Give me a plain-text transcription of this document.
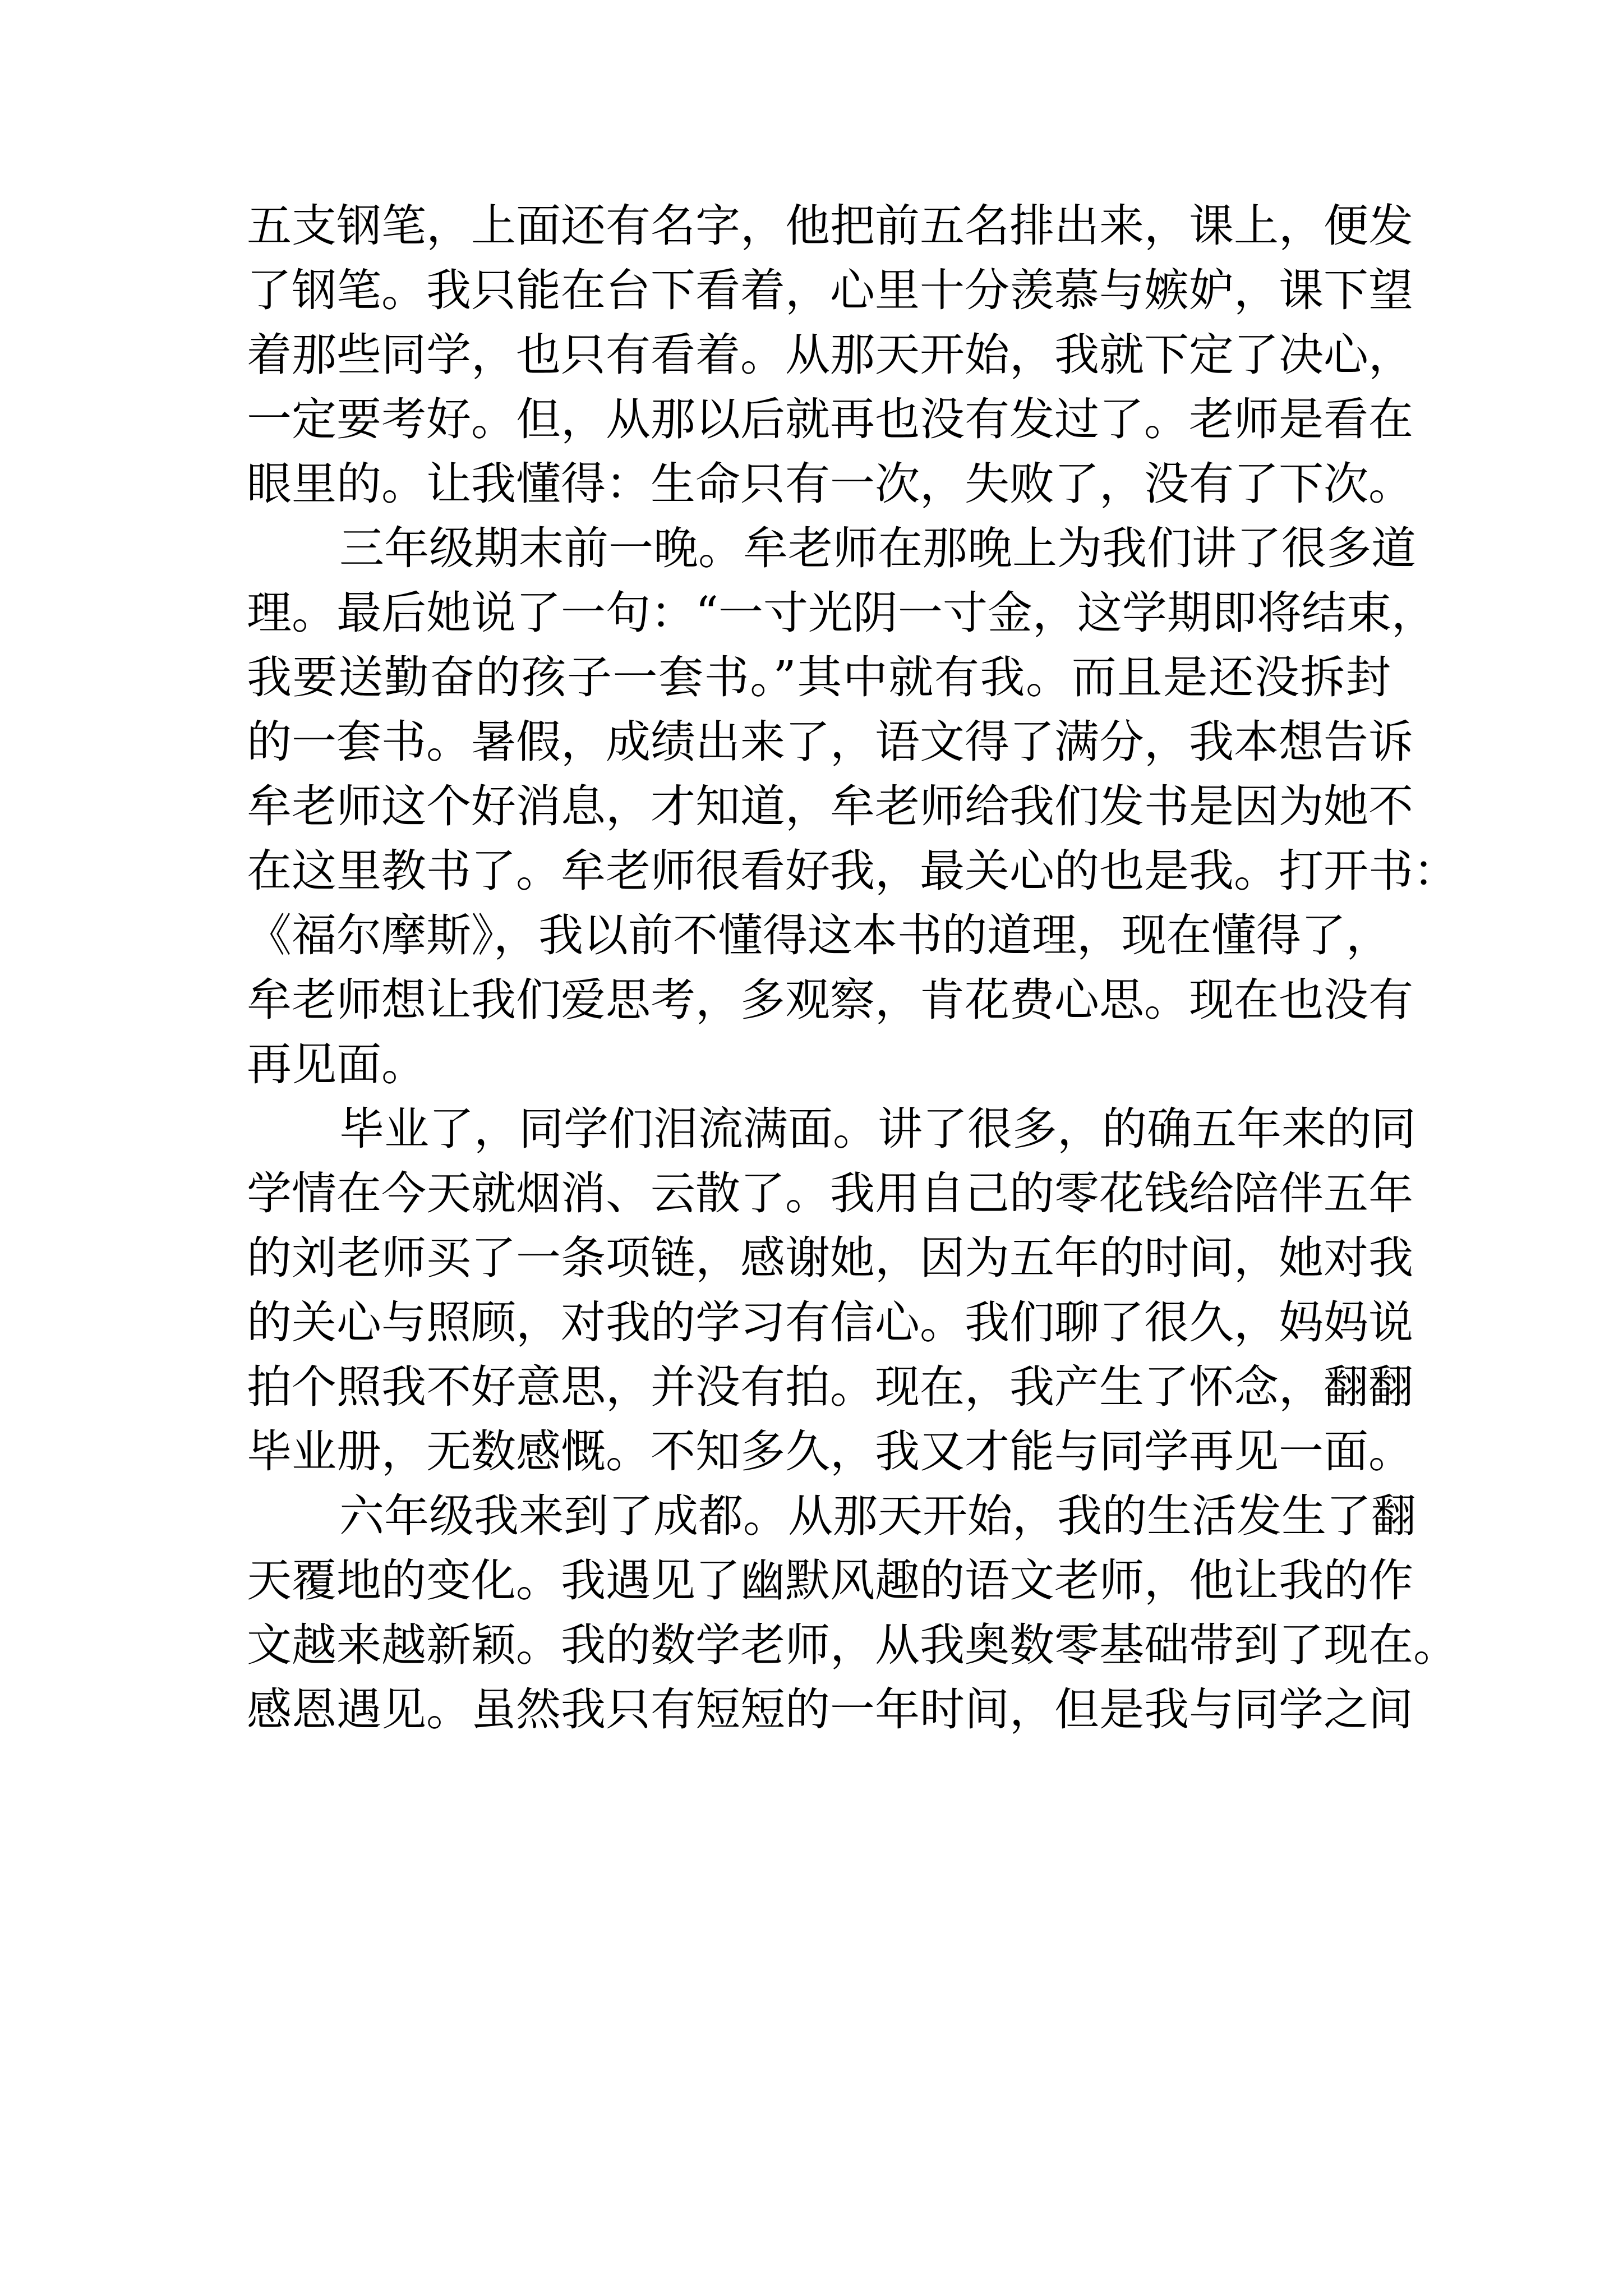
五支钢笔，上面还有名字，他把前五名排出来，课上，便发
了钢笔。我只能在台下看着，心里十分羡慕与嫉妒，课下望
着那些同学，也只有看着。从那天开始，我就下定了决心，
一定要考好。但，从那以后就再也没有发过了。老师是看在
眼里的。让我懂得：生命只有一次，失败了，没有了下次。
三年级期末前一晚。牟老师在那晚上为我们讲了很多道
理。最后她说了一句：“一寸光阴一寸金，这学期即将结束，
我要送勤奋的孩子一套书。”其中就有我。而且是还没拆封
的一套书。暑假，成绩出来了，语文得了满分，我本想告诉
牟老师这个好消息，才知道，牟老师给我们发书是因为她不
在这里教书了。牟老师很看好我，最关心的也是我。打开书：
《福尔摩斯》，我以前不懂得这本书的道理，现在懂得了，
牟老师想让我们爱思考，多观察，肯花费心思。现在也没有
再见面。
毕业了，同学们泪流满面。讲了很多，的确五年来的同
学情在今天就烟消、云散了。我用自己的零花钱给陪伴五年
的刘老师买了一条项链，感谢她，因为五年的时间，她对我
的关心与照顾，对我的学习有信心。我们聊了很久，妈妈说
拍个照我不好意思，并没有拍。现在，我产生了怀念，翻翻
毕业册，无数感慨。不知多久，我又才能与同学再见一面。
六年级我来到了成都。从那天开始，我的生活发生了翻
天覆地的变化。我遇见了幽默风趣的语文老师，他让我的作
文越来越新颖。我的数学老师，从我奥数零基础带到了现在。
感恩遇见。虽然我只有短短的一年时间，但是我与同学之间
